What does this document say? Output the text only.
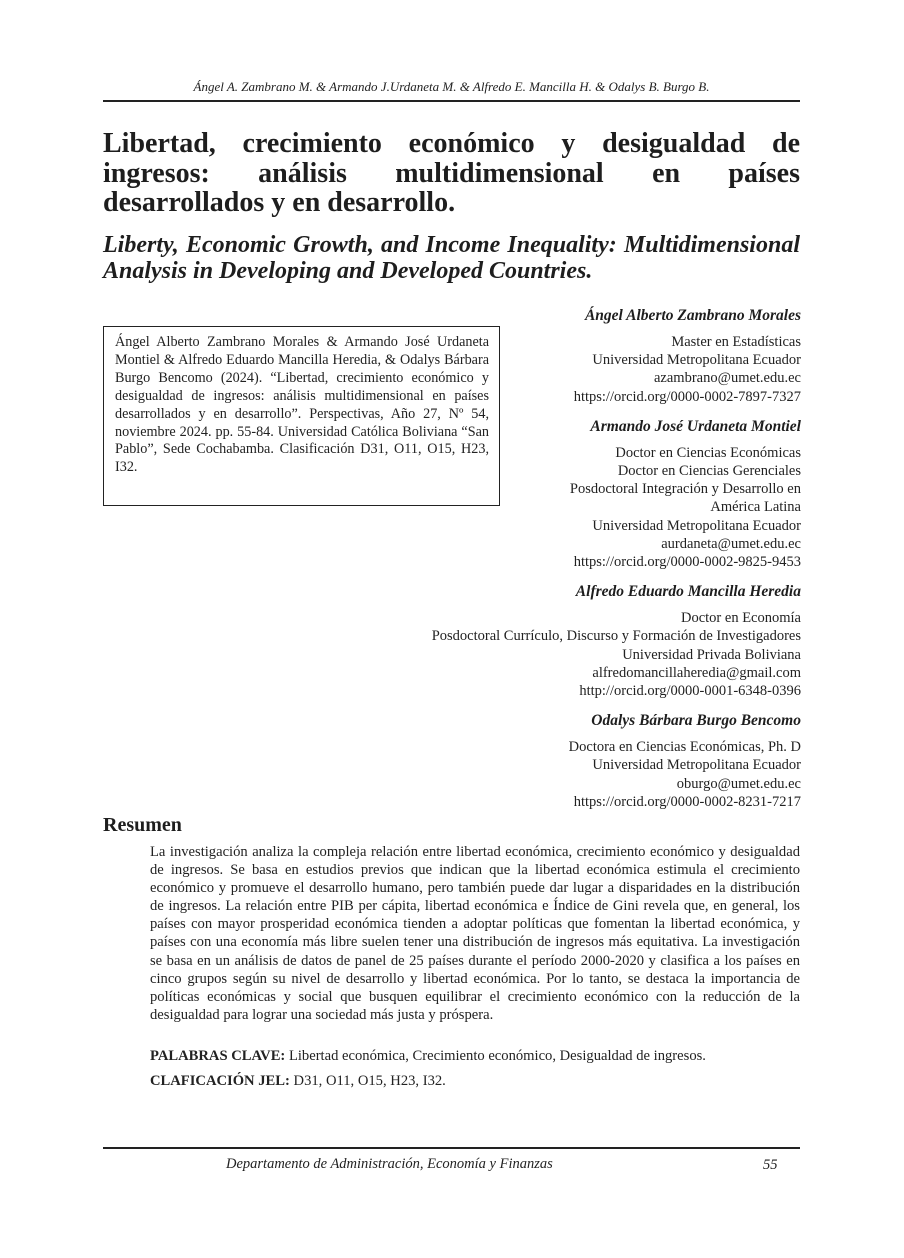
Ángel A. Zambrano M. & Armando J.Urdaneta M. & Alfredo E. Mancilla H. & Odalys B. Burgo B.
Libertad, crecimiento económico y desigualdad de ingresos: análisis multidimensional en países desarrollados y en desarrollo.
Liberty, Economic Growth, and Income Inequality: Multidimensional Analysis in Developing and Developed Countries.
Ángel Alberto Zambrano Morales & Armando José Urdaneta Montiel & Alfredo Eduardo Mancilla Heredia, & Odalys Bárbara Burgo Bencomo (2024). “Libertad, crecimiento económico y desigualdad de ingresos: análisis multidimensional en países desarrollados y en desarrollo”. Perspectivas, Año 27, Nº 54, noviembre 2024. pp. 55-84. Universidad Católica Boliviana “San Pablo”, Sede Cochabamba. Clasificación D31, O11, O15, H23, I32.
Ángel Alberto Zambrano Morales
Master en Estadísticas
Universidad Metropolitana Ecuador
azambrano@umet.edu.ec
https://orcid.org/0000-0002-7897-7327
Armando José Urdaneta Montiel
Doctor en Ciencias Económicas
Doctor en Ciencias Gerenciales
Posdoctoral Integración y Desarrollo en
América Latina
Universidad Metropolitana Ecuador
aurdaneta@umet.edu.ec
https://orcid.org/0000-0002-9825-9453
Alfredo Eduardo Mancilla Heredia
Doctor en Economía
Posdoctoral Currículo, Discurso y Formación de Investigadores
Universidad Privada Boliviana
alfredomancillaheredia@gmail.com
http://orcid.org/0000-0001-6348-0396
Odalys Bárbara Burgo Bencomo
Doctora en Ciencias Económicas, Ph. D
Universidad Metropolitana Ecuador
oburgo@umet.edu.ec
https://orcid.org/0000-0002-8231-7217
Resumen

La investigación analiza la compleja relación entre libertad económica, crecimiento económico y desigualdad de ingresos. Se basa en estudios previos que indican que la libertad económica estimula el crecimiento económico y promueve el desarrollo humano, pero también puede dar lugar a disparidades en la distribución de ingresos. La relación entre PIB per cápita, libertad económica e Índice de Gini revela que, en general, los países con mayor prosperidad económica tienden a adoptar políticas que fomentan la libertad económica, y países con una economía más libre suelen tener una distribución de ingresos más equitativa. La investigación se basa en un análisis de datos de panel de 25 países durante el período 2000-2020 y clasifica a los países en cinco grupos según su nivel de desarrollo y libertad económica. Por lo tanto, se destaca la importancia de políticas económicas y social que busquen equilibrar el crecimiento económico con la reducción de la desigualdad para lograr una sociedad más justa y próspera.

PALABRAS CLAVE: Libertad económica, Crecimiento económico, Desigualdad de ingresos.

CLAFICACIÓN JEL: D31, O11, O15, H23, I32.

Departamento de Administración, Economía y Finanzas	55
